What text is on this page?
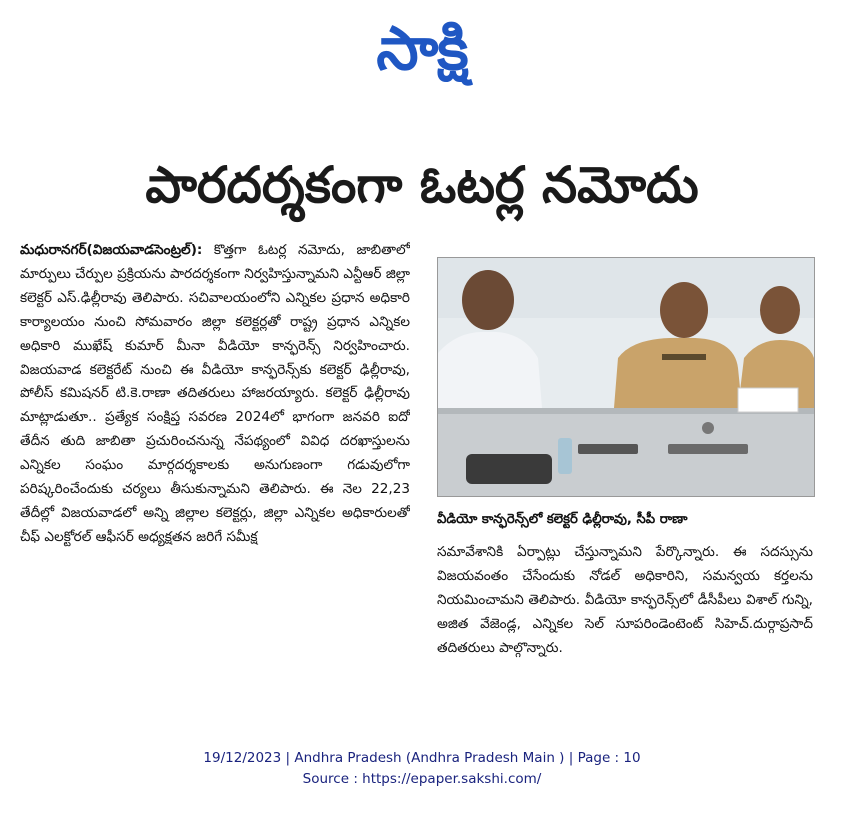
సాక్షి
పారదర్శకంగా ఓటర్ల నమోదు
మధురానగర్(విజయవాడసెంట్రల్): కొత్తగా ఓటర్ల నమోదు, జాబితాలో మార్పులు చేర్పుల ప్రక్రియను పారదర్శకంగా నిర్వహిస్తున్నామని ఎన్టీఆర్ జిల్లా కలెక్టర్ ఎస్.ఢిల్లీరావు తెలిపారు. సచివాలయంలోని ఎన్నికల ప్రధాన అధికారి కార్యాలయం నుంచి సోమవారం జిల్లా కలెక్టర్లతో రాష్ట్ర ప్రధాన ఎన్నికల అధికారి ముఖేష్ కుమార్ మీనా వీడియో కాన్ఫరెన్స్ నిర్వహించారు. విజయవాడ కలెక్టరేట్ నుంచి ఈ వీడియో కాన్ఫరెన్స్‌కు కలెక్టర్ ఢిల్లీరావు, పోలీస్ కమిషనర్ టి.కె.రాణా తదితరులు హాజరయ్యారు. కలెక్టర్ ఢిల్లీరావు మాట్లాడుతూ.. ప్రత్యేక సంక్షిప్త సవరణ 2024లో భాగంగా జనవరి ఐదో తేదీన తుది జాబితా ప్రచురించనున్న నేపథ్యంలో వివిధ దరఖాస్తులను ఎన్నికల సంఘం మార్గదర్శకాలకు అనుగుణంగా గడువులోగా పరిష్కరించేందుకు చర్యలు తీసుకున్నామని తెలిపారు. ఈ నెల 22,23 తేదీల్లో విజయవాడలో అన్ని జిల్లాల కలెక్టర్లు, జిల్లా ఎన్నికల అధికారులతో చీఫ్ ఎలక్టోరల్ ఆఫీసర్ అధ్యక్షతన జరిగే సమీక్ష
వీడియో కాన్ఫరెన్స్‌లో కలెక్టర్ ఢిల్లీరావు, సీపీ రాణా
సమావేశానికి ఏర్పాట్లు చేస్తున్నామని పేర్కొన్నారు. ఈ సదస్సును విజయవంతం చేసేందుకు నోడల్ అధికారిని, సమన్వయ కర్తలను నియమించామని తెలిపారు. వీడియో కాన్ఫరెన్స్‌లో డీసీపీలు విశాల్ గున్ని, అజిత వేజెండ్ల, ఎన్నికల సెల్ సూపరిండెంటెంట్ సిహెచ్.దుర్గాప్రసాద్ తదితరులు పాల్గొన్నారు.
19/12/2023 | Andhra Pradesh (Andhra Pradesh Main ) | Page : 10
Source : https://epaper.sakshi.com/
